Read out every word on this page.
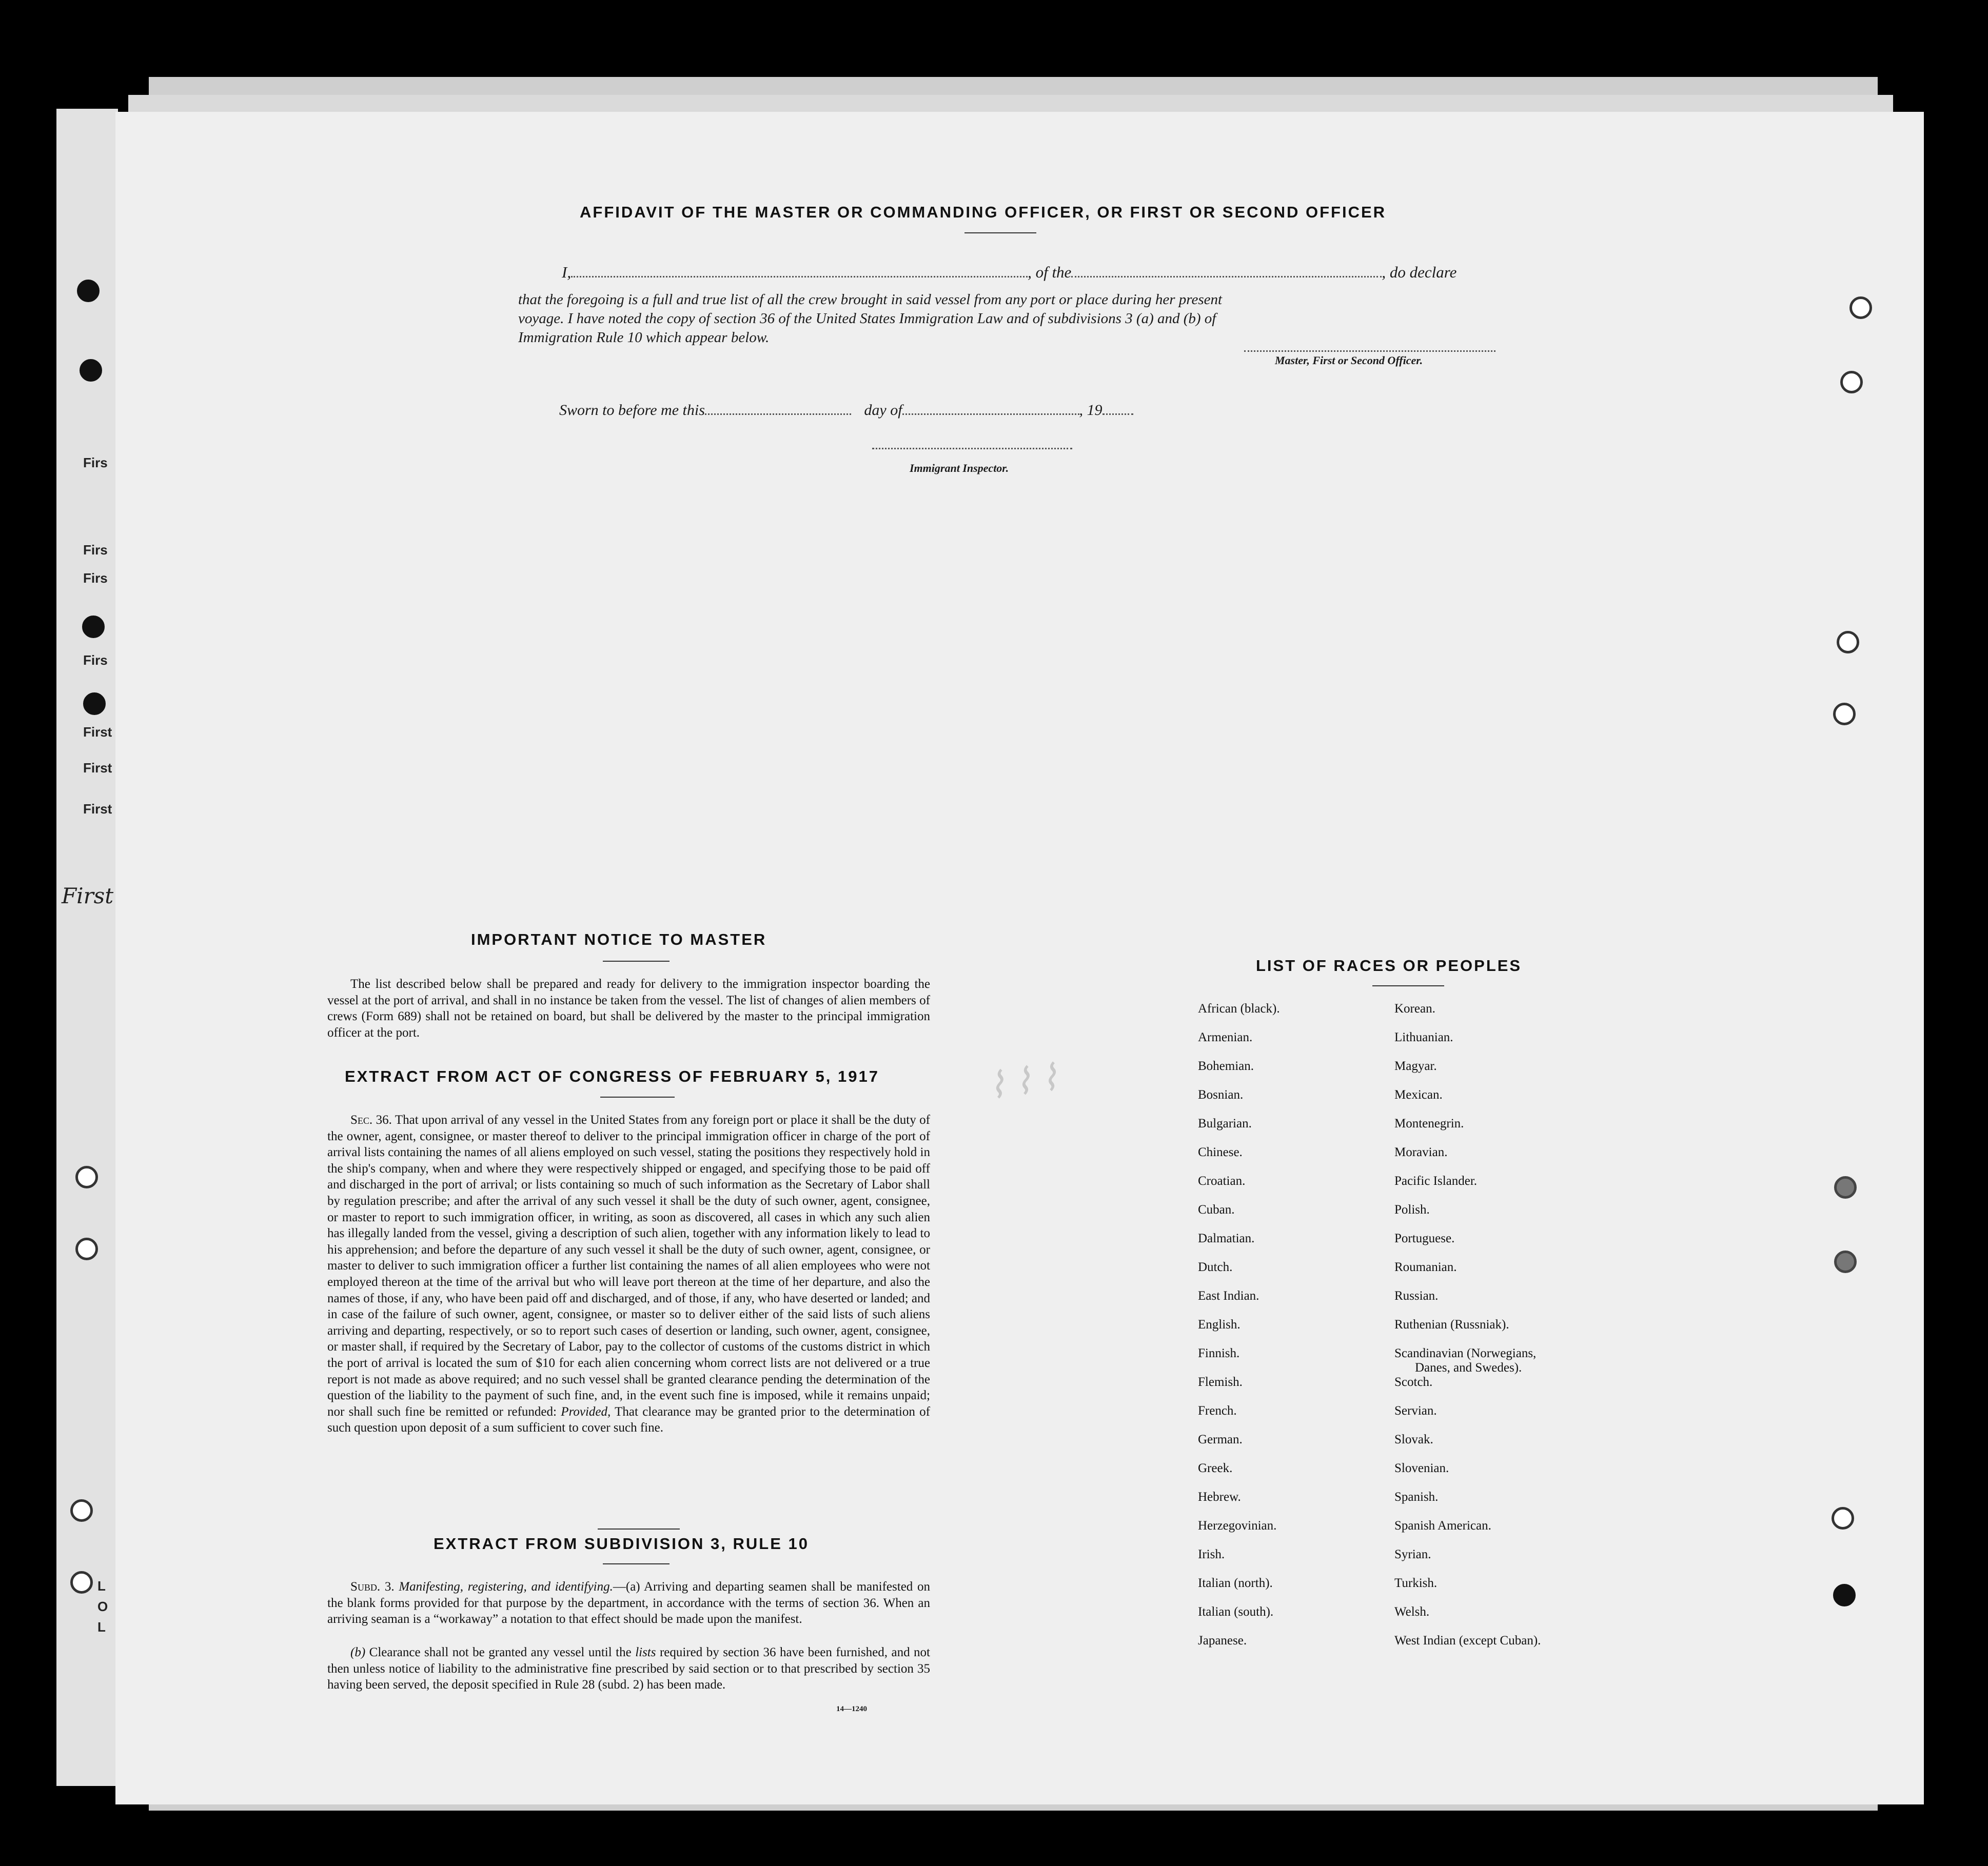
Firs
Firs
Firs
Firs
First
First
First
First
L
O
L
⌇ ⌇ ⌇
AFFIDAVIT OF THE MASTER OR COMMANDING OFFICER, OR FIRST OR SECOND OFFICER
I,	, of the	, do declare
that the foregoing is a full and true list of all the crew brought in said vessel from any port or place during her present
voyage. I have noted the copy of section 36 of the United States Immigration Law and of subdivisions 3 (a) and (b) of
Immigration Rule 10 which appear below.
Master, First or Second Officer.
Sworn to before me this	day of	, 19
Immigrant Inspector.
IMPORTANT NOTICE TO MASTER
The list described below shall be prepared and ready for delivery to the immigration inspector boarding the vessel at the port of arrival, and shall in no instance be taken from the vessel. The list of changes of alien members of crews (Form 689) shall not be retained on board, but shall be delivered by the master to the principal immigration officer at the port.
EXTRACT FROM ACT OF CONGRESS OF FEBRUARY 5, 1917
Sec. 36. That upon arrival of any vessel in the United States from any foreign port or place it shall be the duty of the owner, agent, consignee, or master thereof to deliver to the principal immigration officer in charge of the port of arrival lists containing the names of all aliens employed on such vessel, stating the positions they respectively hold in the ship's company, when and where they were respectively shipped or engaged, and specifying those to be paid off and discharged in the port of arrival; or lists containing so much of such information as the Secretary of Labor shall by regulation prescribe; and after the arrival of any such vessel it shall be the duty of such owner, agent, consignee, or master to report to such immigration officer, in writing, as soon as discovered, all cases in which any such alien has illegally landed from the vessel, giving a description of such alien, together with any information likely to lead to his apprehension; and before the departure of any such vessel it shall be the duty of such owner, agent, consignee, or master to deliver to such immigration officer a further list containing the names of all alien employees who were not employed thereon at the time of the arrival but who will leave port thereon at the time of her departure, and also the names of those, if any, who have been paid off and discharged, and of those, if any, who have deserted or landed; and in case of the failure of such owner, agent, consignee, or master so to deliver either of the said lists of such aliens arriving and departing, respectively, or so to report such cases of desertion or landing, such owner, agent, consignee, or master shall, if required by the Secretary of Labor, pay to the collector of customs of the customs district in which the port of arrival is located the sum of $10 for each alien concerning whom correct lists are not delivered or a true report is not made as above required; and no such vessel shall be granted clearance pending the determination of the question of the liability to the payment of such fine, and, in the event such fine is imposed, while it remains unpaid; nor shall such fine be remitted or refunded: Provided, That clearance may be granted prior to the determination of such question upon deposit of a sum sufficient to cover such fine.
EXTRACT FROM SUBDIVISION 3, RULE 10
Subd. 3. Manifesting, registering, and identifying.—(a) Arriving and departing seamen shall be manifested on the blank forms provided for that purpose by the department, in accordance with the terms of section 36. When an arriving seaman is a “workaway” a notation to that effect should be made upon the manifest.
(b) Clearance shall not be granted any vessel until the lists required by section 36 have been furnished, and not then unless notice of liability to the administrative fine prescribed by said section or to that prescribed by section 35 having been served, the deposit specified in Rule 28 (subd. 2) has been made.
14—1240
LIST OF RACES OR PEOPLES
African (black).
Armenian.
Bohemian.
Bosnian.
Bulgarian.
Chinese.
Croatian.
Cuban.
Dalmatian.
Dutch.
East Indian.
English.
Finnish.
Flemish.
French.
German.
Greek.
Hebrew.
Herzegovinian.
Irish.
Italian (north).
Italian (south).
Japanese.
Korean.
Lithuanian.
Magyar.
Mexican.
Montenegrin.
Moravian.
Pacific Islander.
Polish.
Portuguese.
Roumanian.
Russian.
Ruthenian (Russniak).
Scandinavian (Norwegians,
Danes, and Swedes).
Scotch.
Servian.
Slovak.
Slovenian.
Spanish.
Spanish American.
Syrian.
Turkish.
Welsh.
West Indian (except Cuban).
